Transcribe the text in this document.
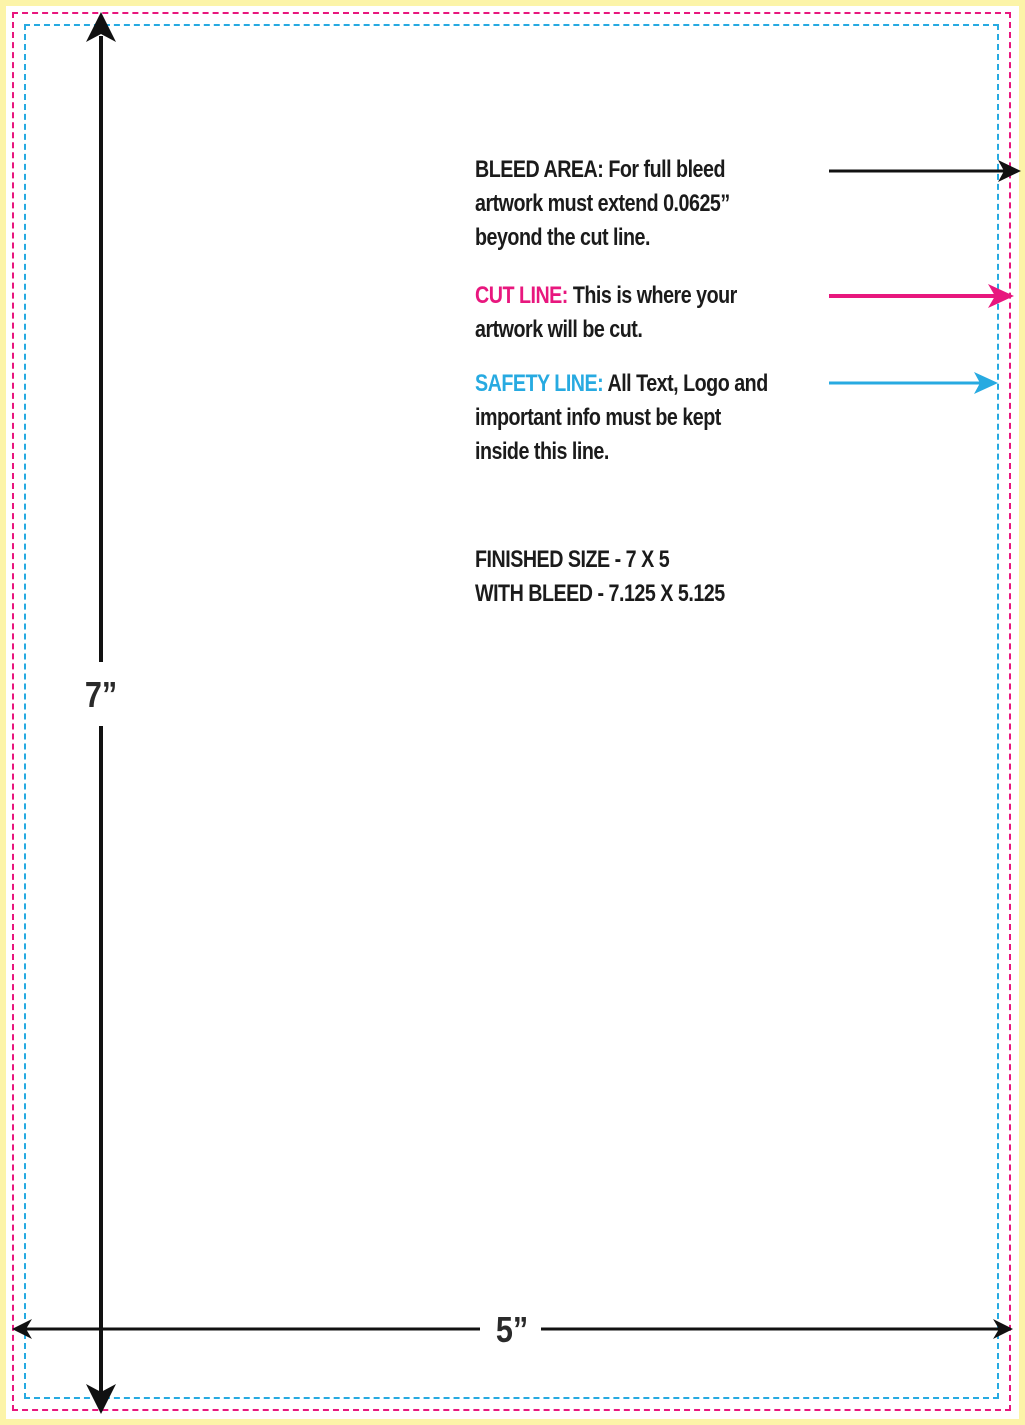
BLEED AREA: For full bleed
artwork must extend 0.0625”
beyond the cut line.
CUT LINE: This is where your
artwork will be cut.
SAFETY LINE: All Text, Logo and
important info must be kept
inside this line.
FINISHED SIZE - 7 X 5
WITH BLEED - 7.125 X 5.125
7”
5”
